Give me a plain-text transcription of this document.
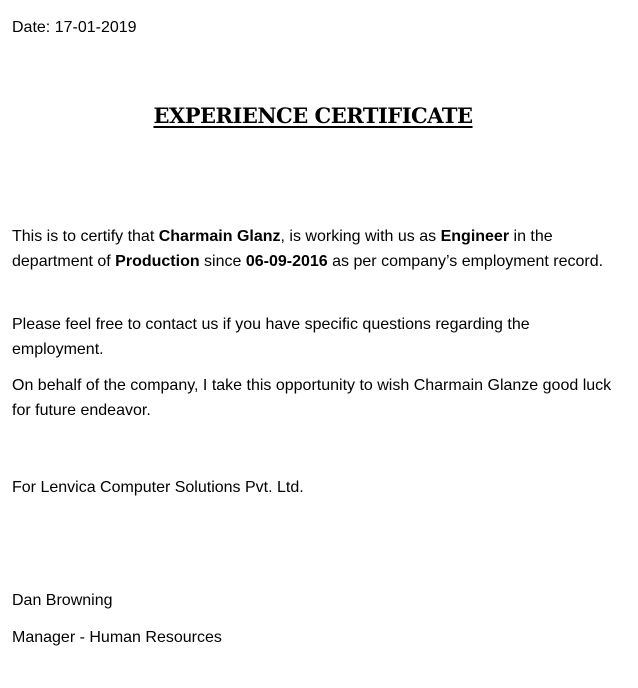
Date: 17-01-2019
EXPERIENCE CERTIFICATE

This is to certify that Charmain Glanz, is working with us as Engineer in the department of Production since 06-09-2016 as per company’s employment record.

Please feel free to contact us if you have specific questions regarding the employment.

On behalf of the company, I take this opportunity to wish Charmain Glanze good luck for future endeavor.

For Lenvica Computer Solutions Pvt. Ltd.
Dan Browning
Manager - Human Resources
